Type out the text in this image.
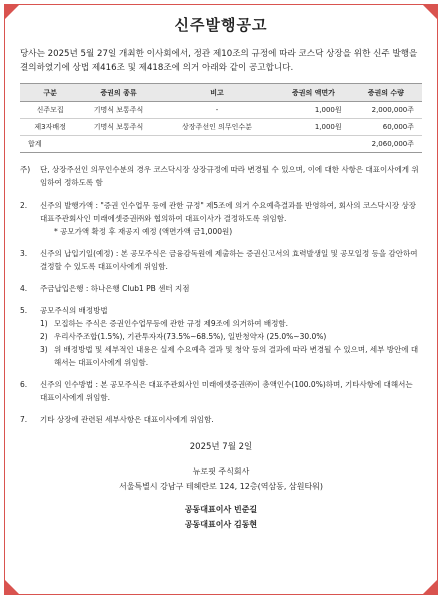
신주발행공고

당사는 2025년 5월 27일 개최한 이사회에서, 정관 제10조의 규정에 따라 코스닥 상장을 위한 신주 발행을 결의하였기에 상법 제416조 및 제418조에 의거 아래와 같이 공고합니다.

구분	증권의 종류	비고	증권의 액면가	증권의 수량
신주모집	기명식 보통주식	-	1,000원	2,000,000주
제3자배정	기명식 보통주식	상장주선인 의무인수분	1,000원	60,000주
합계				2,060,000주
주)	단, 상장주선인 의무인수분의 경우 코스닥시장 상장규정에 따라 변경될 수 있으며, 이에 대한 사항은 대표이사에게 위임하여 정하도록 함
2.	신주의 발행가액 : "증권 인수업무 등에 관한 규정" 제5조에 의거 수요예측결과를 반영하여, 회사의 코스닥시장 상장 대표주관회사인 미래에셋증권㈜와 협의하여 대표이사가 결정하도록 위임함.
* 공모가액 확정 후 재공지 예정 (액면가액 금1,000원)
3.	신주의 납입기일(예정) : 본 공모주식은 금융감독원에 제출하는 증권신고서의 효력발생일 및 공모일정 등을 감안하여 결정할 수 있도록 대표이사에게 위임함.
4.	주금납입은행 : 하나은행 Club1 PB 센터 지점
5.	공모주식의 배정방법
1) 모집하는 주식은 증권인수업무등에 관한 규정 제9조에 의거하여 배정함.
2) 우리사주조합(1.5%), 기관투자자(73.5%~68.5%), 일반청약자 (25.0%~30.0%)
3) 위 배정방법 및 세부적인 내용은 실제 수요예측 결과 및 청약 등의 결과에 따라 변경될 수 있으며, 세부 방안에 대해서는 대표이사에게 위임함.
6.	신주의 인수방법 : 본 공모주식은 대표주관회사인 미래에셋증권㈜이 총액인수(100.0%)하며, 기타사항에 대해서는 대표이사에게 위임함.
7.	기타 상장에 관련된 세부사항은 대표이사에게 위임함.
2025년 7월 2일
뉴로핏 주식회사
서울특별시 강남구 테헤란로 124, 12층(역삼동, 삼원타워)
공동대표이사 빈준길
공동대표이사 김동현
